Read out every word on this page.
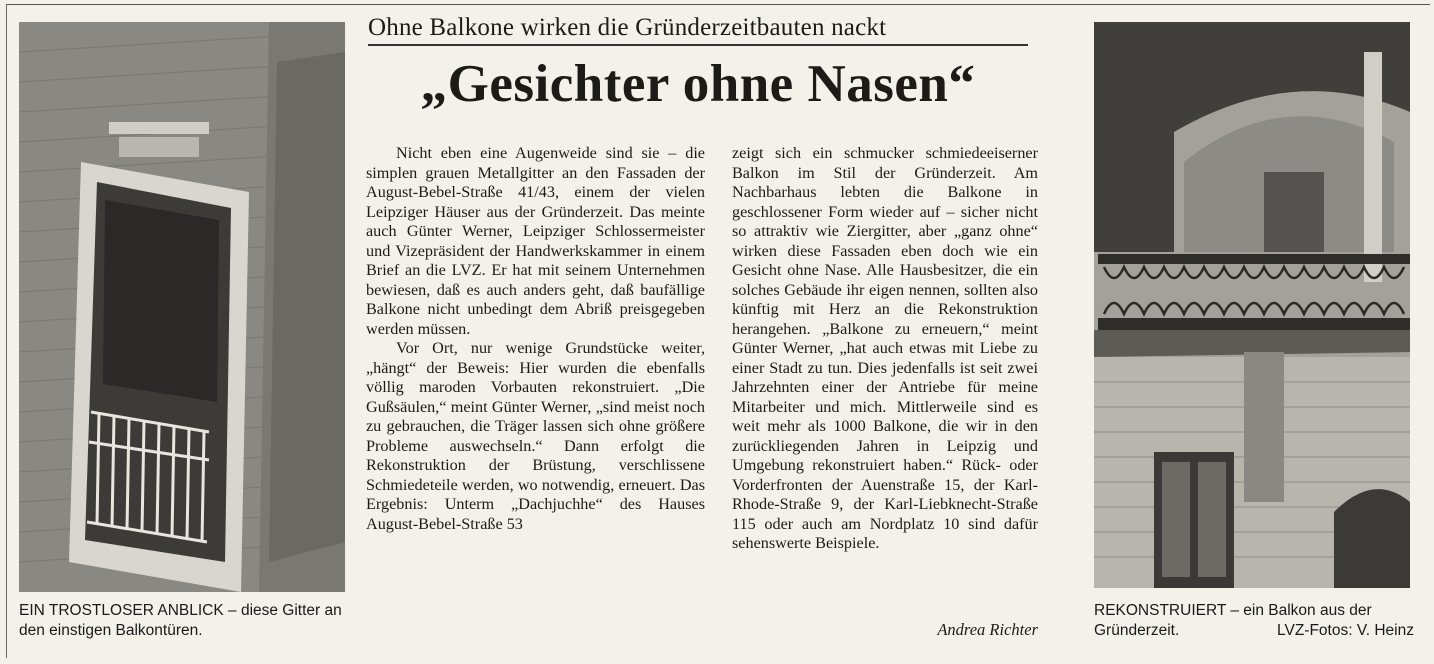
EIN TROSTLOSER ANBLICK – diese Gitter an den einstigen Balkontüren.
REKONSTRUIERT – ein Balkon aus der
Gründerzeit.	LVZ-Fotos: V. Heinz
Ohne Balkone wirken die Gründerzeitbauten nackt
„Gesichter ohne Nasen“

Nicht eben eine Augenweide sind sie – die simplen grauen Metallgitter an den Fassaden der August-Bebel-Straße 41/43, einem der vielen Leipziger Häuser aus der Gründerzeit. Das meinte auch Günter Werner, Leipziger Schlossermeister und Vizepräsident der Handwerkskammer in einem Brief an die LVZ. Er hat mit seinem Unternehmen bewiesen, daß es auch anders geht, daß baufällige Balkone nicht unbedingt dem Abriß preisgegeben werden müssen.

Vor Ort, nur wenige Grundstücke weiter, „hängt“ der Beweis: Hier wurden die ebenfalls völlig maroden Vorbauten rekonstruiert. „Die Gußsäulen,“ meint Günter Werner, „sind meist noch zu gebrauchen, die Träger lassen sich ohne größere Probleme auswechseln.“ Dann erfolgt die Rekonstruktion der Brüstung, verschlissene Schmiedeteile werden, wo notwendig, erneuert. Das Ergebnis: Unterm „Dachjuchhe“ des Hauses August-Bebel-Straße 53

zeigt sich ein schmucker schmiedeeiserner Balkon im Stil der Gründerzeit. Am Nachbarhaus lebten die Balkone in geschlossener Form wieder auf – sicher nicht so attraktiv wie Ziergitter, aber „ganz ohne“ wirken diese Fassaden eben doch wie ein Gesicht ohne Nase. Alle Hausbesitzer, die ein solches Gebäude ihr eigen nennen, sollten also künftig mit Herz an die Rekonstruktion herangehen. „Balkone zu erneuern,“ meint Günter Werner, „hat auch etwas mit Liebe zu einer Stadt zu tun. Dies jedenfalls ist seit zwei Jahrzehnten einer der Antriebe für meine Mitarbeiter und mich. Mittlerweile sind es weit mehr als 1000 Balkone, die wir in den zurückliegenden Jahren in Leipzig und Umgebung rekonstruiert haben.“ Rück- oder Vorderfronten der Auenstraße 15, der Karl-Rhode-Straße 9, der Karl-Liebknecht-Straße 115 oder auch am Nordplatz 10 sind dafür sehenswerte Beispiele.

Andrea Richter
